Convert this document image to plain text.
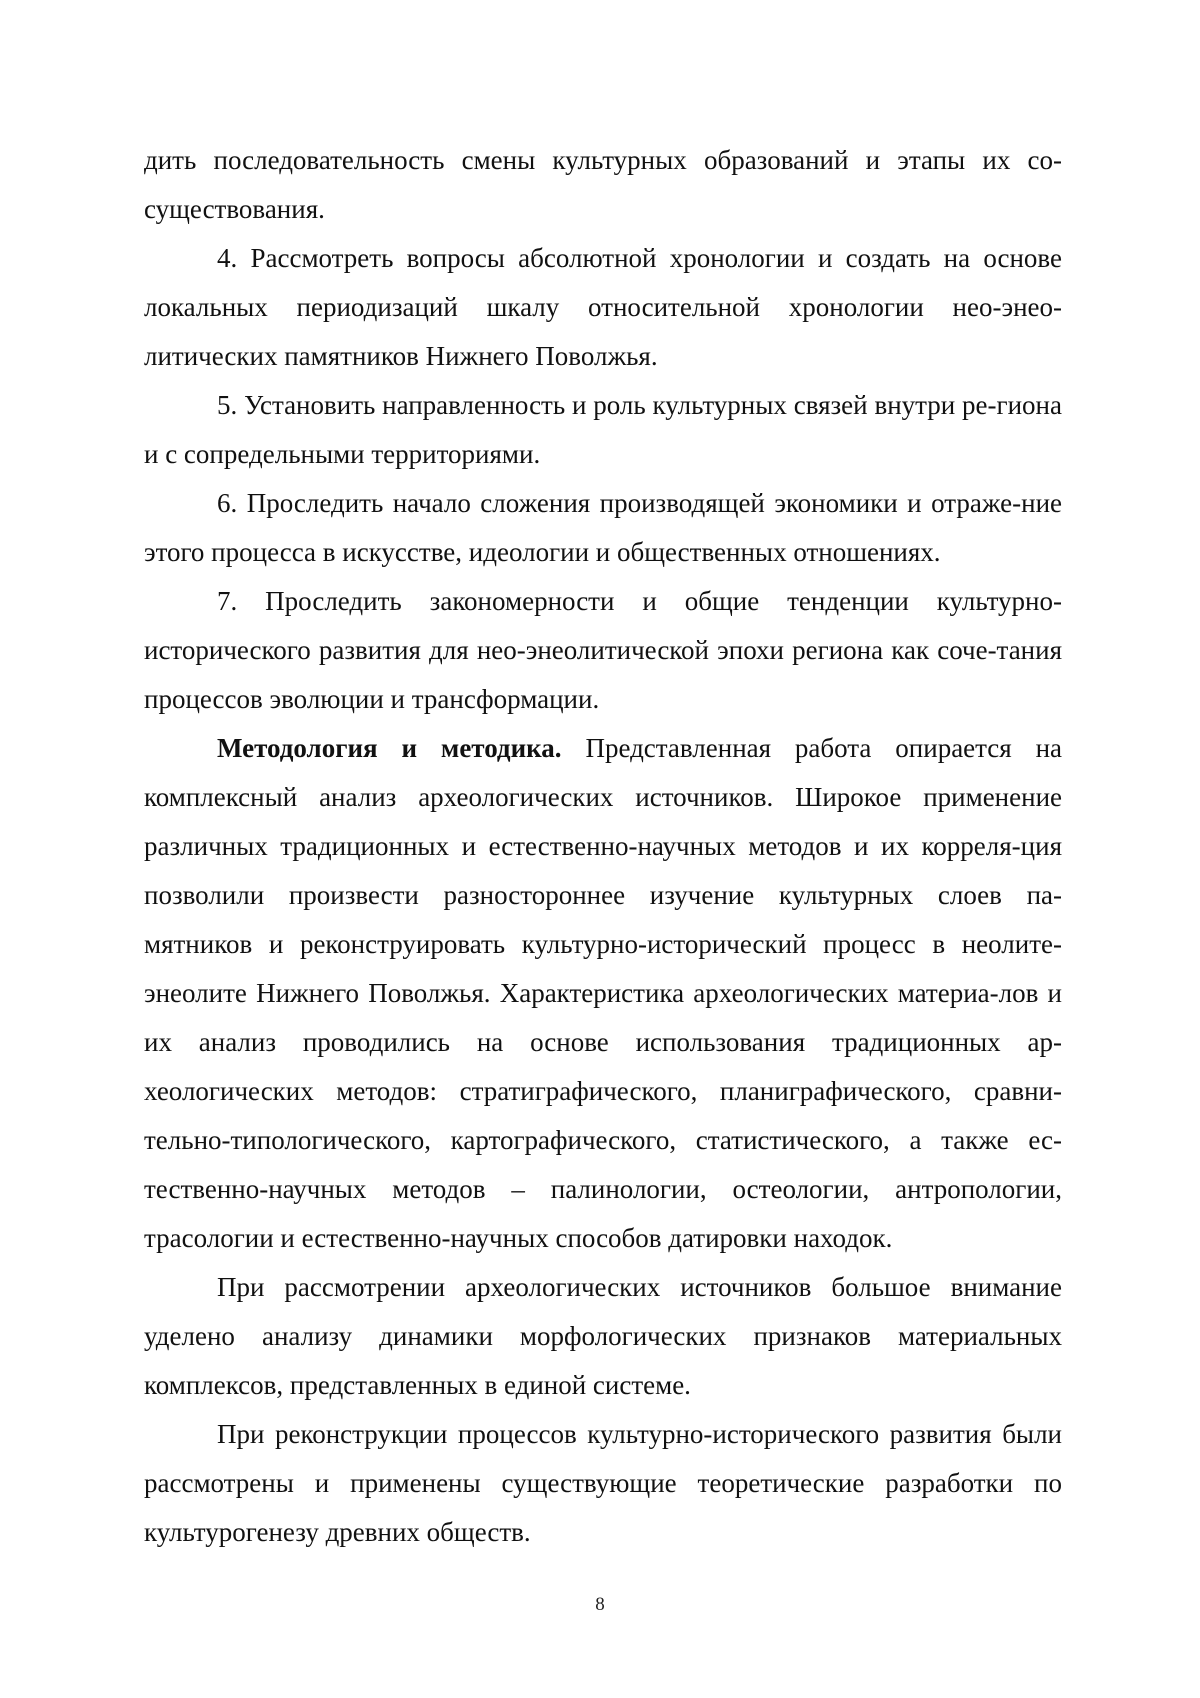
дить последовательность смены культурных образований и этапы их со-существования.

4. Рассмотреть вопросы абсолютной хронологии и создать на основе локальных периодизаций шкалу относительной хронологии нео-энео-литических памятников Нижнего Поволжья.

5. Установить направленность и роль культурных связей внутри ре-гиона и с сопредельными территориями.

6. Проследить начало сложения производящей экономики и отраже-ние этого процесса в искусстве, идеологии и общественных отношениях.

7. Проследить закономерности и общие тенденции культурно-исторического развития для нео-энеолитической эпохи региона как соче-тания процессов эволюции и трансформации.

Методология и методика. Представленная работа опирается на комплексный анализ археологических источников. Широкое применение различных традиционных и естественно-научных методов и их корреля-ция позволили произвести разностороннее изучение культурных слоев па-мятников и реконструировать культурно-исторический процесс в неолите-энеолите Нижнего Поволжья. Характеристика археологических материа-лов и их анализ проводились на основе использования традиционных ар-хеологических методов: стратиграфического, планиграфического, сравни-тельно-типологического, картографического, статистического, а также ес-тественно-научных методов – палинологии, остеологии, антропологии, трасологии и естественно-научных способов датировки находок.

При рассмотрении археологических источников большое внимание уделено анализу динамики морфологических признаков материальных комплексов, представленных в единой системе.

При реконструкции процессов культурно-исторического развития были рассмотрены и применены существующие теоретические разработки по культурогенезу древних обществ.

8
